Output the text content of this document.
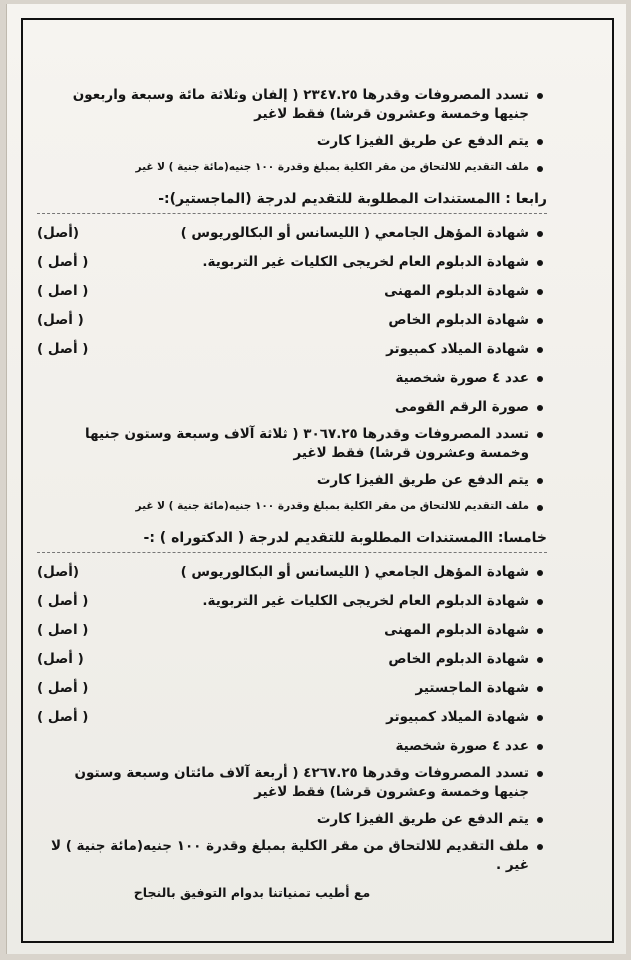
تسدد المصروفات وقدرها ٢٣٤٧.٢٥ ( إلفان وثلاثة مائة وسبعة واربعون جنيها وخمسة وعشرون قرشا) فقط لاغير
يتم الدفع عن طريق الفيزا كارت
ملف التقديم للالتحاق من مقر الكلية بمبلغ وقدرة ١٠٠ جنيه(مائة جنية ) لا غير
رابعا : االمستندات المطلوبة للتقديم لدرجة (الماجستير):-
شهادة المؤهل الجامعي ( الليسانس أو البكالوريوس )
(أصل)
شهادة الدبلوم العام لخريجى الكليات غير التربوية.
( أصل )
شهادة الدبلوم المهنى
( اصل )
شهادة الدبلوم الخاص
( أصل)
شهادة الميلاد كمبيوتر
( أصل )
عدد ٤ صورة شخصية
صورة الرقم القومى
تسدد المصروفات وقدرها ٣٠٦٧.٢٥ ( ثلاثة آلاف وسبعة وستون جنيها وخمسة وعشرون قرشا) فقط لاغير
يتم الدفع عن طريق الفيزا كارت
ملف التقديم للالتحاق من مقر الكلية بمبلغ وقدرة ١٠٠ جنيه(مائة جنية ) لا غير
خامسا: االمستندات المطلوبة للتقديم لدرجة ( الدكتوراه ) :-
شهادة المؤهل الجامعي ( الليسانس أو البكالوريوس )
(أصل)
شهادة الدبلوم العام لخريجى الكليات غير التربوية.
( أصل )
شهادة الدبلوم المهنى
( اصل )
شهادة الدبلوم الخاص
( أصل)
شهادة الماجستير
( أصل )
شهادة الميلاد كمبيوتر
( أصل )
عدد ٤ صورة شخصية
تسدد المصروفات وقدرها ٤٢٦٧.٢٥ ( أربعة آلاف مائتان وسبعة وستون جنيها وخمسة وعشرون قرشا) فقط لاغير
يتم الدفع عن طريق الفيزا كارت
ملف التقديم للالتحاق من مقر الكلية بمبلغ وقدرة ١٠٠ جنيه(مائة جنية ) لا غير .
مع أطيب تمنياتنا بدوام التوفيق بالنجاح
